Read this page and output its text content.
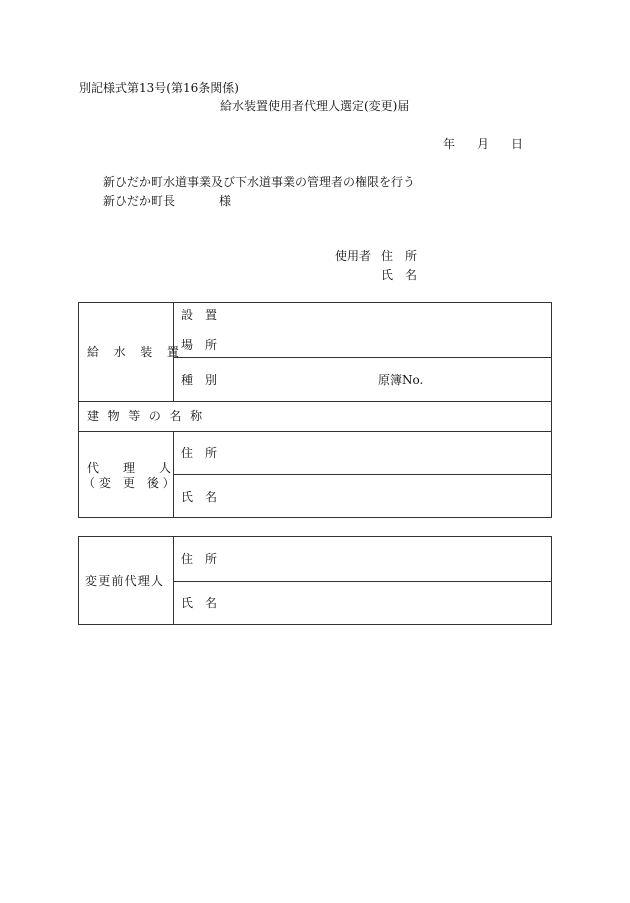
別記様式第13号(第16条関係)
給水装置使用者代理人選定(変更)届
年 月 日
新ひだか町水道事業及び下水道事業の管理者の権限を行う
新ひだか町長	様
使用者 住　所
氏　名
給 水 装 置
設　置
場　所
種　別	原簿No.
建 物 等 の 名 称
代　　理　　人
（ 変　更　後 ）
住　所
氏　名
変更前代理人
住　所
氏　名
